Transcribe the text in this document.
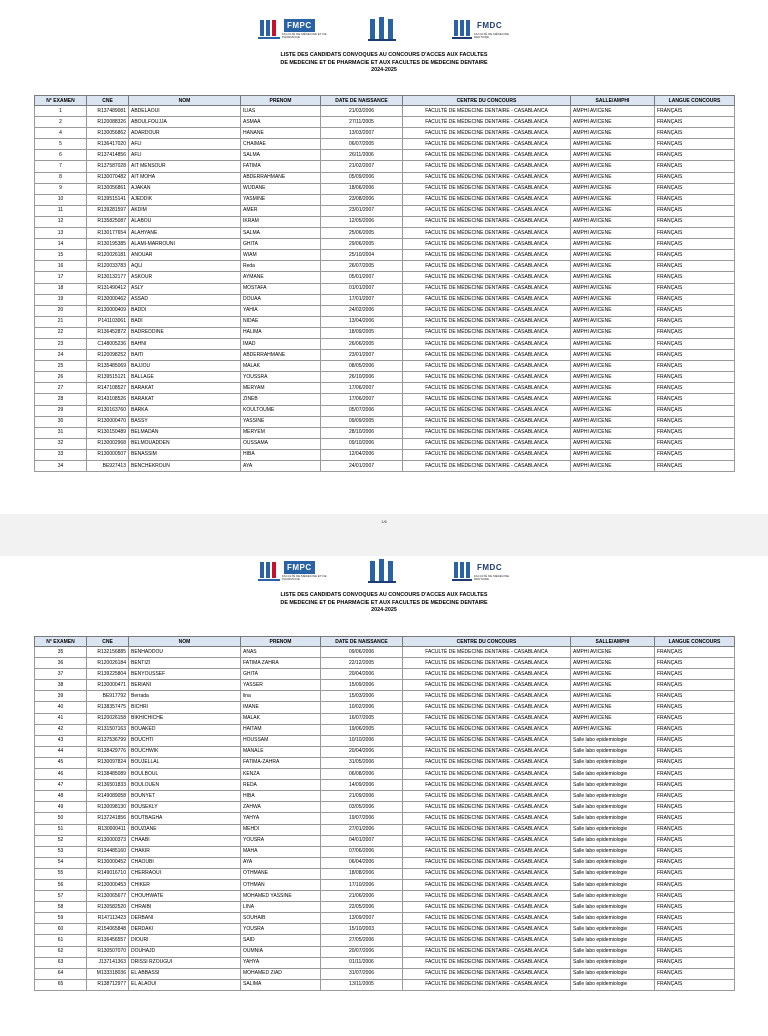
FMPC
FACULTÉ DE MÉDECINE ET DE PHARMACIE
FMDC
FACULTÉ DE MÉDECINE DENTAIRE
LISTE DES CANDIDATS CONVOQUES AU CONCOURS D'ACCES AUX FACULTES
DE MEDECINE ET DE PHARMACIE ET AUX FACULTES DE MEDECINE DENTAIRE
2024-2025
N° EXAMEN	CNE	NOM	PRENOM	DATE DE NAISSANCE	CENTRE DU CONCOURS	SALLE/AMPHI	LANGUE CONCOURS
1	R137489081	ABDELAOUI	ILIAS	21/03/2006	FACULTÉ DE MÉDECINE DENTAIRE - CASABLANCA	AMPHI AVICENE	FRANÇAIS
2	R120088326	ABOULFOUJJA	ASMAA	27/11/2005	FACULTÉ DE MÉDECINE DENTAIRE - CASABLANCA	AMPHI AVICENE	FRANÇAIS
4	R130056862	ADARDOUR	HANANE	13/03/2007	FACULTÉ DE MÉDECINE DENTAIRE - CASABLANCA	AMPHI AVICENE	FRANÇAIS
5	R136417020	AFLI	CHAIMAE	06/07/2005	FACULTÉ DE MÉDECINE DENTAIRE - CASABLANCA	AMPHI AVICENE	FRANÇAIS
6	R137414856	AFLI	SALMA	26/11/2006	FACULTÉ DE MÉDECINE DENTAIRE - CASABLANCA	AMPHI AVICENE	FRANÇAIS
7	R137587028	AIT MENSOUR	FATIMA	21/02/2007	FACULTÉ DE MÉDECINE DENTAIRE - CASABLANCA	AMPHI AVICENE	FRANÇAIS
8	R130070482	AIT MOHA	ABDERRAHMANE	05/09/2006	FACULTÉ DE MÉDECINE DENTAIRE - CASABLANCA	AMPHI AVICENE	FRANÇAIS
9	R130056861	AJAKAN	WIJDANE	18/06/2006	FACULTÉ DE MÉDECINE DENTAIRE - CASABLANCA	AMPHI AVICENE	FRANÇAIS
10	R139515141	AJEDDIK	YASMINE	23/08/2006	FACULTÉ DE MÉDECINE DENTAIRE - CASABLANCA	AMPHI AVICENE	FRANÇAIS
11	R139281597	AKDIM	AMER	23/01/2007	FACULTÉ DE MÉDECINE DENTAIRE - CASABLANCA	AMPHI AVICENE	FRANÇAIS
12	R135825087	ALABOU	IKRAM	12/05/2006	FACULTÉ DE MÉDECINE DENTAIRE - CASABLANCA	AMPHI AVICENE	FRANÇAIS
13	R130177654	ALAHYANE	SALMA	25/06/2005	FACULTÉ DE MÉDECINE DENTAIRE - CASABLANCA	AMPHI AVICENE	FRANÇAIS
14	R130195385	ALAMI-MARROUNI	GHITA	29/06/2005	FACULTÉ DE MÉDECINE DENTAIRE - CASABLANCA	AMPHI AVICENE	FRANÇAIS
15	R120026181	ANOUAR	WIAM	25/10/2004	FACULTÉ DE MÉDECINE DENTAIRE - CASABLANCA	AMPHI AVICENE	FRANÇAIS
16	R120033783	AQLI	Reda	26/07/2005	FACULTÉ DE MÉDECINE DENTAIRE - CASABLANCA	AMPHI AVICENE	FRANÇAIS
17	R130132177	ASKOUR	AYMANE	05/01/2007	FACULTÉ DE MÉDECINE DENTAIRE - CASABLANCA	AMPHI AVICENE	FRANÇAIS
18	R131490412	ASLY	MOSTAFA	01/01/2007	FACULTÉ DE MÉDECINE DENTAIRE - CASABLANCA	AMPHI AVICENE	FRANÇAIS
19	R130000462	ASSAD	DOUAA	17/01/2007	FACULTÉ DE MÉDECINE DENTAIRE - CASABLANCA	AMPHI AVICENE	FRANÇAIS
20	R130000409	BADDI	YAHIA	24/02/2006	FACULTÉ DE MÉDECINE DENTAIRE - CASABLANCA	AMPHI AVICENE	FRANÇAIS
21	P141103061	BADI	NIDAE	13/04/2006	FACULTÉ DE MÉDECINE DENTAIRE - CASABLANCA	AMPHI AVICENE	FRANÇAIS
22	R136452872	BADREDDINE	HALIMA	18/09/2005	FACULTÉ DE MÉDECINE DENTAIRE - CASABLANCA	AMPHI AVICENE	FRANÇAIS
23	C148005236	BAHNI	IMAD	26/06/2005	FACULTÉ DE MÉDECINE DENTAIRE - CASABLANCA	AMPHI AVICENE	FRANÇAIS
24	R120098252	BAITI	ABDERRAHMANE	23/01/2007	FACULTÉ DE MÉDECINE DENTAIRE - CASABLANCA	AMPHI AVICENE	FRANÇAIS
25	R135485069	BAJJOU	MALAK	08/05/2006	FACULTÉ DE MÉDECINE DENTAIRE - CASABLANCA	AMPHI AVICENE	FRANÇAIS
26	R139515121	BALLAGE	YOUSSRA	26/10/2006	FACULTÉ DE MÉDECINE DENTAIRE - CASABLANCA	AMPHI AVICENE	FRANÇAIS
27	R147108527	BARAKAT	MERYAM	17/06/2007	FACULTÉ DE MÉDECINE DENTAIRE - CASABLANCA	AMPHI AVICENE	FRANÇAIS
28	R143108526	BARAKAT	ZINEB	17/06/2007	FACULTÉ DE MÉDECINE DENTAIRE - CASABLANCA	AMPHI AVICENE	FRANÇAIS
29	R130163760	BARKA	KOULTOUME	05/07/2006	FACULTÉ DE MÉDECINE DENTAIRE - CASABLANCA	AMPHI AVICENE	FRANÇAIS
30	R130000470	BASSY	YASSINE	09/09/2005	FACULTÉ DE MÉDECINE DENTAIRE - CASABLANCA	AMPHI AVICENE	FRANÇAIS
31	R130150489	BELMADAN	MERYEM	28/10/2006	FACULTÉ DE MÉDECINE DENTAIRE - CASABLANCA	AMPHI AVICENE	FRANÇAIS
32	R130002968	BELMOUADDEN	OUSSAMA	09/10/2006	FACULTÉ DE MÉDECINE DENTAIRE - CASABLANCA	AMPHI AVICENE	FRANÇAIS
33	R130000507	BENASSIM	HIBA	12/04/2006	FACULTÉ DE MÉDECINE DENTAIRE - CASABLANCA	AMPHI AVICENE	FRANÇAIS
34	BE927413	BENCHEKROUN	AYA	24/01/2007	FACULTÉ DE MÉDECINE DENTAIRE - CASABLANCA	AMPHI AVICENE	FRANÇAIS
1/6
FMPC
FACULTÉ DE MÉDECINE ET DE PHARMACIE
FMDC
FACULTÉ DE MÉDECINE DENTAIRE
LISTE DES CANDIDATS CONVOQUES AU CONCOURS D'ACCES AUX FACULTES
DE MEDECINE ET DE PHARMACIE ET AUX FACULTES DE MEDECINE DENTAIRE
2024-2025
N° EXAMEN	CNE	NOM	PRENOM	DATE DE NAISSANCE	CENTRE DU CONCOURS	SALLE/AMPHI	LANGUE CONCOURS
35	R132156885	BENHADDOU	ANAS	09/06/2006	FACULTÉ DE MÉDECINE DENTAIRE - CASABLANCA	AMPHI AVICENE	FRANÇAIS
36	R120026184	BENTIZI	FATIMA ZAHRA	22/12/2005	FACULTÉ DE MÉDECINE DENTAIRE - CASABLANCA	AMPHI AVICENE	FRANÇAIS
37	R139225804	BENYOUSSEF	GHITA	20/04/2006	FACULTÉ DE MÉDECINE DENTAIRE - CASABLANCA	AMPHI AVICENE	FRANÇAIS
38	R130000471	BERIANI	YASSER	15/09/2006	FACULTÉ DE MÉDECINE DENTAIRE - CASABLANCA	AMPHI AVICENE	FRANÇAIS
39	BE917792	Berrada	lina	15/03/2006	FACULTÉ DE MÉDECINE DENTAIRE - CASABLANCA	AMPHI AVICENE	FRANÇAIS
40	R138357475	BICHRI	IMANE	10/02/2006	FACULTÉ DE MÉDECINE DENTAIRE - CASABLANCA	AMPHI AVICENE	FRANÇAIS
41	R120026158	BIKHICHICHE	MALAK	16/07/2005	FACULTÉ DE MÉDECINE DENTAIRE - CASABLANCA	AMPHI AVICENE	FRANÇAIS
42	R131507163	BOUAKED	HAITAM	19/06/2005	FACULTÉ DE MÉDECINE DENTAIRE - CASABLANCA	AMPHI AVICENE	FRANÇAIS
43	R137536799	BOUCHTI	HOUSSAM	10/10/2006	FACULTÉ DE MÉDECINE DENTAIRE - CASABLANCA	Salle labo epidemiologie	FRANÇAIS
44	R138429776	BOUCHWIK	MANALE	20/04/2006	FACULTÉ DE MÉDECINE DENTAIRE - CASABLANCA	Salle labo epidemiologie	FRANÇAIS
45	R130097824	BOUJELLAL	FATIMA-ZAHRA	31/05/2006	FACULTÉ DE MÉDECINE DENTAIRE - CASABLANCA	Salle labo epidemiologie	FRANÇAIS
46	R138485089	BOULBOUL	KENZA	06/08/2006	FACULTÉ DE MÉDECINE DENTAIRE - CASABLANCA	Salle labo epidemiologie	FRANÇAIS
47	R136501833	BOULOUEN	REDA	14/09/2006	FACULTÉ DE MÉDECINE DENTAIRE - CASABLANCA	Salle labo epidemiologie	FRANÇAIS
48	R149089058	BOUNYET	HIBA	21/09/2006	FACULTÉ DE MÉDECINE DENTAIRE - CASABLANCA	Salle labo epidemiologie	FRANÇAIS
49	R130098130	BOUSEKLY	ZAHWA	03/05/2006	FACULTÉ DE MÉDECINE DENTAIRE - CASABLANCA	Salle labo epidemiologie	FRANÇAIS
50	R137241856	BOUTBAGHA	YAHYA	19/07/2006	FACULTÉ DE MÉDECINE DENTAIRE - CASABLANCA	Salle labo epidemiologie	FRANÇAIS
51	R130000411	BOUZIANE	MEHDI	27/01/2006	FACULTÉ DE MÉDECINE DENTAIRE - CASABLANCA	Salle labo epidemiologie	FRANÇAIS
52	R130000373	CHAABI	YOUSRA	04/01/2007	FACULTÉ DE MÉDECINE DENTAIRE - CASABLANCA	Salle labo epidemiologie	FRANÇAIS
53	R134485160	CHAKIR	MAHA	07/06/2006	FACULTÉ DE MÉDECINE DENTAIRE - CASABLANCA	Salle labo epidemiologie	FRANÇAIS
54	R130000452	CHAOUBI	AYA	06/04/2006	FACULTÉ DE MÉDECINE DENTAIRE - CASABLANCA	Salle labo epidemiologie	FRANÇAIS
55	R149016710	CHERRAOUI	OTHMANE	18/08/2006	FACULTÉ DE MÉDECINE DENTAIRE - CASABLANCA	Salle labo epidemiologie	FRANÇAIS
56	R130000453	CHIKER	OTHMAN	17/10/2006	FACULTÉ DE MÉDECINE DENTAIRE - CASABLANCA	Salle labo epidemiologie	FRANÇAIS
57	R130065677	CHOUHWATE	MOHAMED YASSINE	21/06/2006	FACULTÉ DE MÉDECINE DENTAIRE - CASABLANCA	Salle labo epidemiologie	FRANÇAIS
58	R130582520	CHRAIBI	LINA	22/05/2006	FACULTÉ DE MÉDECINE DENTAIRE - CASABLANCA	Salle labo epidemiologie	FRANÇAIS
59	R147113423	DERBANI	SOUHAIB	13/09/2007	FACULTÉ DE MÉDECINE DENTAIRE - CASABLANCA	Salle labo epidemiologie	FRANÇAIS
60	R154065848	DERDAKI	YOUSRA	15/10/2003	FACULTÉ DE MÉDECINE DENTAIRE - CASABLANCA	Salle labo epidemiologie	FRANÇAIS
61	R136456557	DIOURI	SAID	27/05/2006	FACULTÉ DE MÉDECINE DENTAIRE - CASABLANCA	Salle labo epidemiologie	FRANÇAIS
62	R130507070	DOUHAJD	OUMNIA	20/07/2006	FACULTÉ DE MÉDECINE DENTAIRE - CASABLANCA	Salle labo epidemiologie	FRANÇAIS
63	J137141363	DRISSI RZOUGUI	YAHYA	01/11/2006	FACULTÉ DE MÉDECINE DENTAIRE - CASABLANCA	Salle labo epidemiologie	FRANÇAIS
64	M133318036	EL ABBASSI	MOHAMED ZIAD	31/07/2006	FACULTÉ DE MÉDECINE DENTAIRE - CASABLANCA	Salle labo epidemiologie	FRANÇAIS
65	R138712977	EL ALAOUI	SALIMA	13/11/2005	FACULTÉ DE MÉDECINE DENTAIRE - CASABLANCA	Salle labo epidemiologie	FRANÇAIS
